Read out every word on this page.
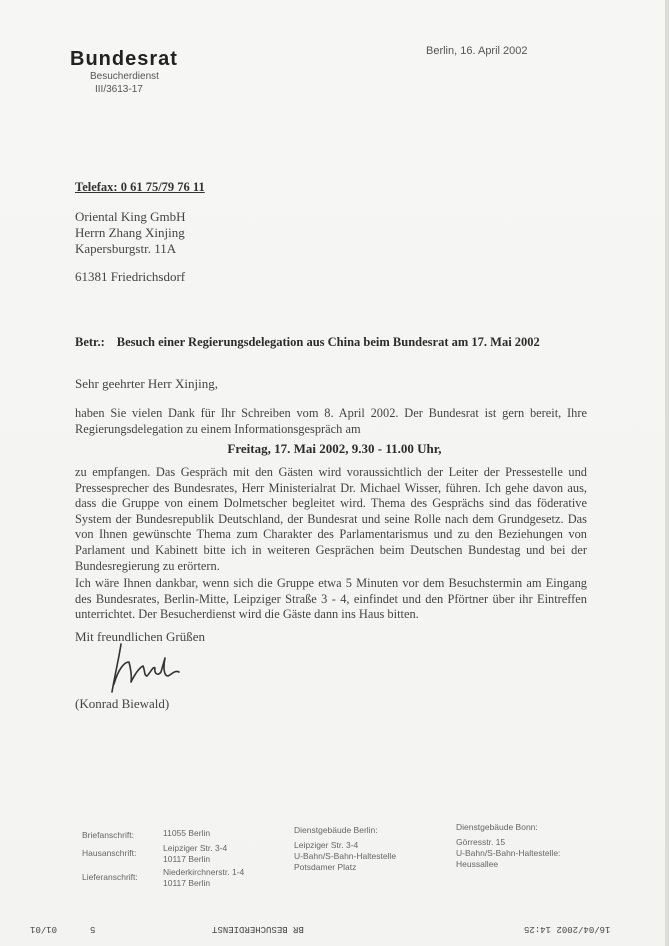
Bundesrat
Besucherdienst
III/3613-17
Berlin, 16. April 2002
Telefax: 0 61 75/79 76 11
Oriental King GmbH
Herrn Zhang Xinjing
Kapersburgstr. 11A
61381 Friedrichsdorf
Betr.: Besuch einer Regierungsdelegation aus China beim Bundesrat am 17. Mai 2002
Sehr geehrter Herr Xinjing,
haben Sie vielen Dank für Ihr Schreiben vom 8. April 2002. Der Bundesrat ist gern bereit, Ihre Regierungsdelegation zu einem Informationsgespräch am
Freitag, 17. Mai 2002, 9.30 - 11.00 Uhr,
zu empfangen. Das Gespräch mit den Gästen wird voraussichtlich der Leiter der Pressestelle und Pressesprecher des Bundesrates, Herr Ministerialrat Dr. Michael Wisser, führen. Ich gehe davon aus, dass die Gruppe von einem Dolmetscher begleitet wird. Thema des Gesprächs sind das föderative System der Bundesrepublik Deutschland, der Bundesrat und seine Rolle nach dem Grundgesetz. Das von Ihnen gewünschte Thema zum Charakter des Parlamentarismus und zu den Beziehungen von Parlament und Kabinett bitte ich in weiteren Gesprächen beim Deutschen Bundestag und bei der Bundesregierung zu erörtern.
Ich wäre Ihnen dankbar, wenn sich die Gruppe etwa 5 Minuten vor dem Besuchstermin am Eingang des Bundesrates, Berlin-Mitte, Leipziger Straße 3 - 4, einfindet und den Pförtner über ihr Eintreffen unterrichtet. Der Besucherdienst wird die Gäste dann ins Haus bitten.
Mit freundlichen Grüßen
(Konrad Biewald)
Briefanschrift:	11055 Berlin
Hausanschrift:	Leipziger Str. 3-4
10117 Berlin
Lieferanschrift:	Niederkirchnerstr. 1-4
10117 Berlin
Dienstgebäude Berlin:
Leipziger Str. 3-4
U-Bahn/S-Bahn-Haltestelle
Potsdamer Platz
Dienstgebäude Bonn:
Görresstr. 15
U-Bahn/S-Bahn-Haltestelle:
Heussallee
01/01	5	BR BESUCHERDIENST	16/04/2002 14:25
